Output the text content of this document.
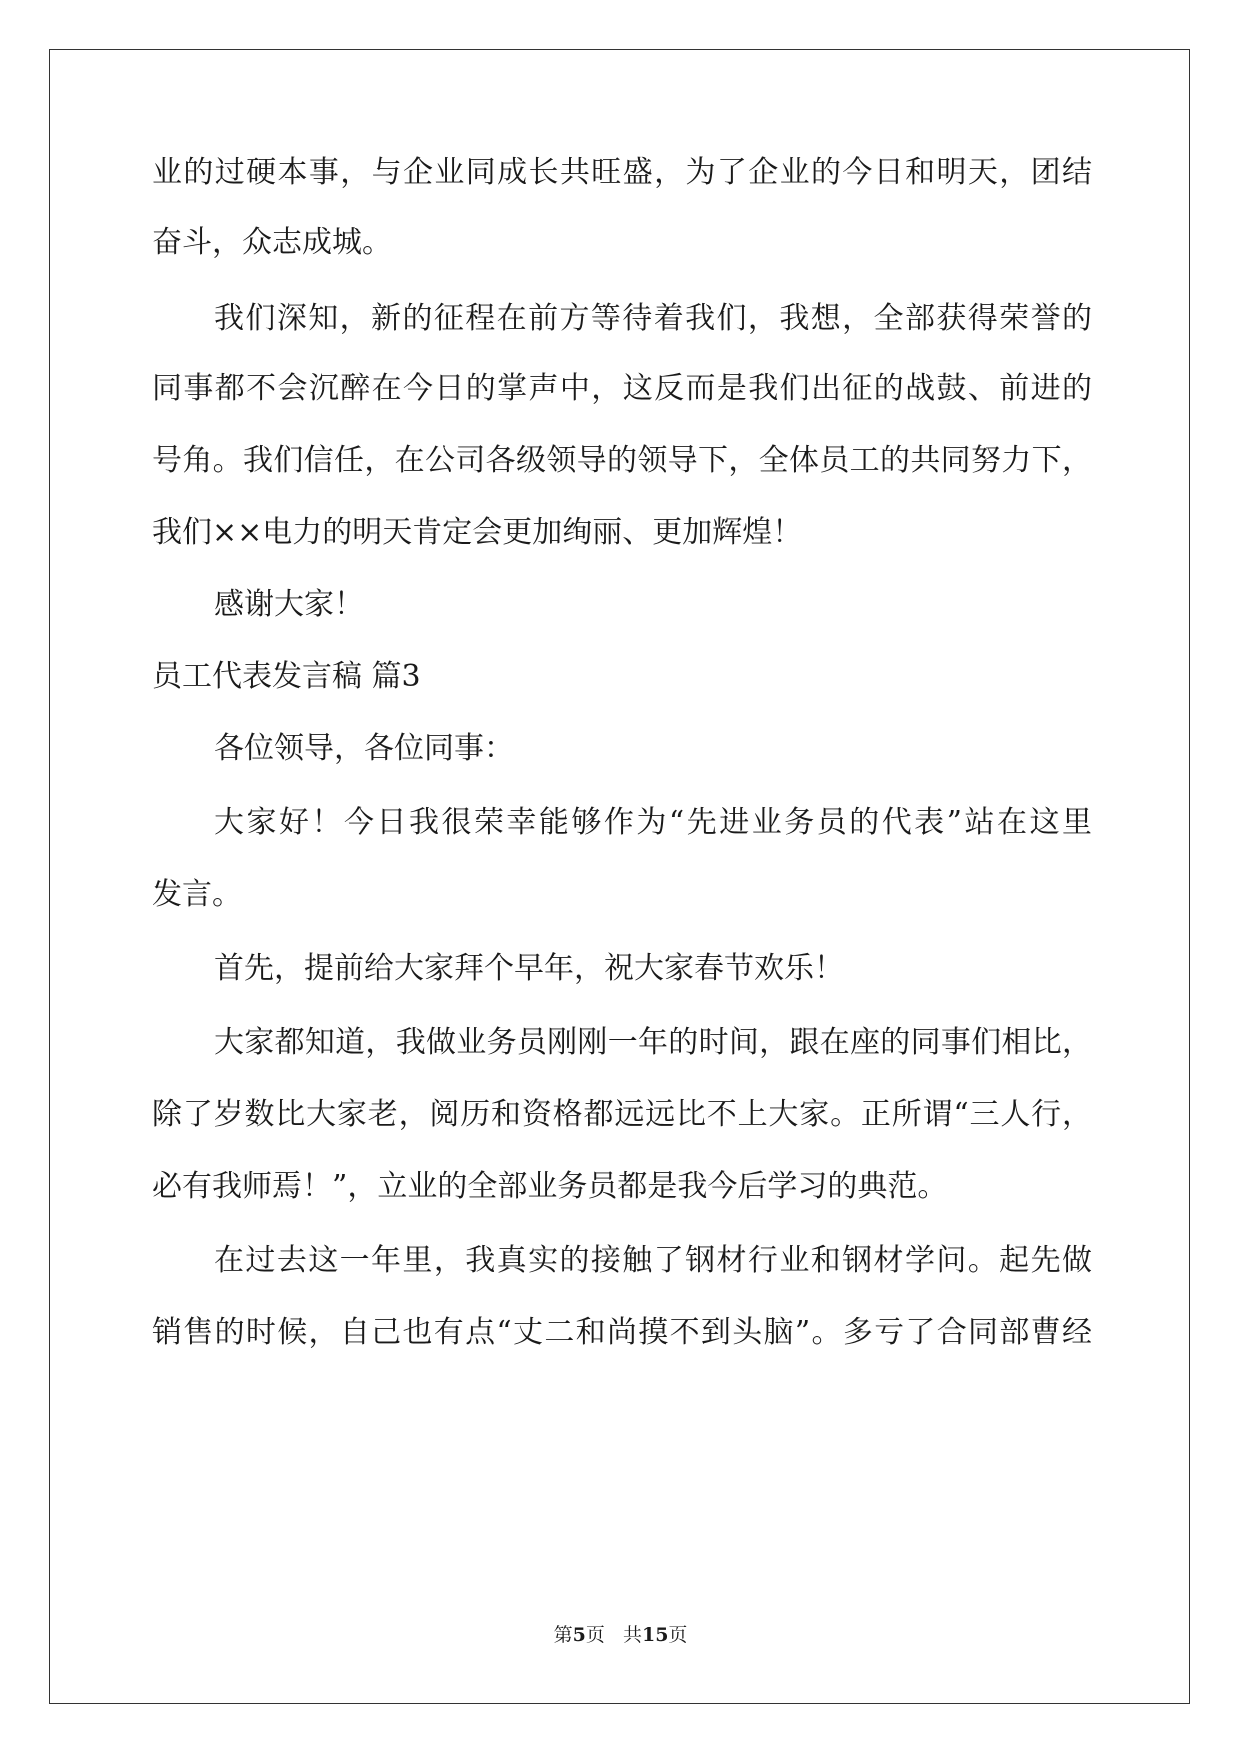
业的过硬本事，与企业同成长共旺盛，为了企业的今日和明天，团结
奋斗，众志成城。
我们深知，新的征程在前方等待着我们，我想，全部获得荣誉的
同事都不会沉醉在今日的掌声中，这反而是我们出征的战鼓、前进的
号角。我们信任，在公司各级领导的领导下，全体员工的共同努力下，
我们××电力的明天肯定会更加绚丽、更加辉煌！
感谢大家！
员工代表发言稿 篇3
各位领导，各位同事：
大家好！今日我很荣幸能够作为“先进业务员的代表”站在这里
发言。
首先，提前给大家拜个早年，祝大家春节欢乐！
大家都知道，我做业务员刚刚一年的时间，跟在座的同事们相比，
除了岁数比大家老，阅历和资格都远远比不上大家。正所谓“三人行，
必有我师焉！”，立业的全部业务员都是我今后学习的典范。
在过去这一年里，我真实的接触了钢材行业和钢材学问。起先做
销售的时候，自己也有点“丈二和尚摸不到头脑”。多亏了合同部曹经
第5页 共15页
